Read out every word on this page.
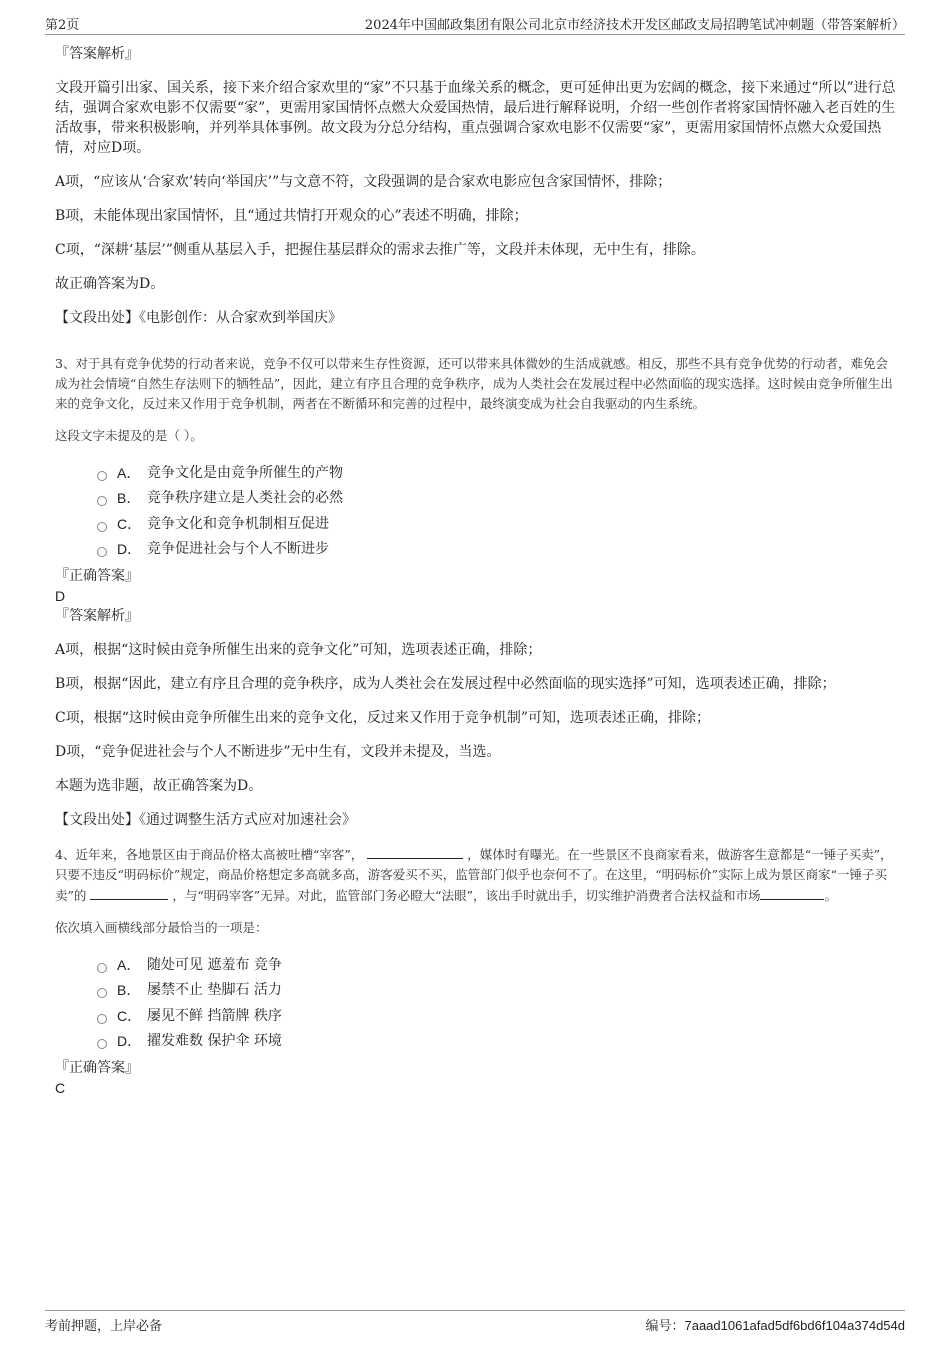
第2页	2024年中国邮政集团有限公司北京市经济技术开发区邮政支局招聘笔试冲刺题（带答案解析）
『答案解析』

文段开篇引出家、国关系，接下来介绍合家欢里的“家”不只基于血缘关系的概念，更可延伸出更为宏阔的概念，接下来通过“所以”进行总结，强调合家欢电影不仅需要“家”，更需用家国情怀点燃大众爱国热情，最后进行解释说明，介绍一些创作者将家国情怀融入老百姓的生活故事，带来积极影响，并列举具体事例。故文段为分总分结构，重点强调合家欢电影不仅需要“家”，更需用家国情怀点燃大众爱国热情，对应D项。

A项，“应该从‘合家欢’转向‘举国庆’”与文意不符，文段强调的是合家欢电影应包含家国情怀，排除；

B项，未能体现出家国情怀，且“通过共情打开观众的心”表述不明确，排除；

C项，“深耕‘基层’”侧重从基层入手，把握住基层群众的需求去推广等，文段并未体现，无中生有，排除。

故正确答案为D。

【文段出处】《电影创作：从合家欢到举国庆》

3、对于具有竞争优势的行动者来说，竞争不仅可以带来生存性资源，还可以带来具体微妙的生活成就感。相反，那些不具有竞争优势的行动者，难免会成为社会情境“自然生存法则下的牺牲品”，因此，建立有序且合理的竞争秩序，成为人类社会在发展过程中必然面临的现实选择。这时候由竞争所催生出来的竞争文化，反过来又作用于竞争机制，两者在不断循环和完善的过程中，最终演变成为社会自我驱动的内生系统。

这段文字未提及的是（ ）。

A． 竞争文化是由竞争所催生的产物
B． 竞争秩序建立是人类社会的必然
C． 竞争文化和竞争机制相互促进
D． 竞争促进社会与个人不断进步
『正确答案』
D
『答案解析』

A项，根据“这时候由竞争所催生出来的竞争文化”可知，选项表述正确，排除；

B项，根据“因此，建立有序且合理的竞争秩序，成为人类社会在发展过程中必然面临的现实选择”可知，选项表述正确，排除；

C项，根据“这时候由竞争所催生出来的竞争文化，反过来又作用于竞争机制”可知，选项表述正确，排除；

D项，“竞争促进社会与个人不断进步”无中生有，文段并未提及，当选。

本题为选非题，故正确答案为D。

【文段出处】《通过调整生活方式应对加速社会》

4、近年来，各地景区由于商品价格太高被吐槽“宰客”，	，媒体时有曝光。在一些景区不良商家看来，做游客生意都是“一锤子买卖”，只要不违反“明码标价”规定，商品价格想定多高就多高，游客爱买不买，监管部门似乎也奈何不了。在这里，“明码标价”实际上成为景区商家“一锤子买卖”的	，与“明码宰客”无异。对此，监管部门务必瞪大“法眼”，该出手时就出手，切实维护消费者合法权益和市场	。

依次填入画横线部分最恰当的一项是：

A． 随处可见 遮羞布 竞争
B． 屡禁不止 垫脚石 活力
C． 屡见不鲜 挡箭牌 秩序
D． 擢发难数 保护伞 环境
『正确答案』
C
考前押题，上岸必备	编号：7aaad1061afad5df6bd6f104a374d54d
